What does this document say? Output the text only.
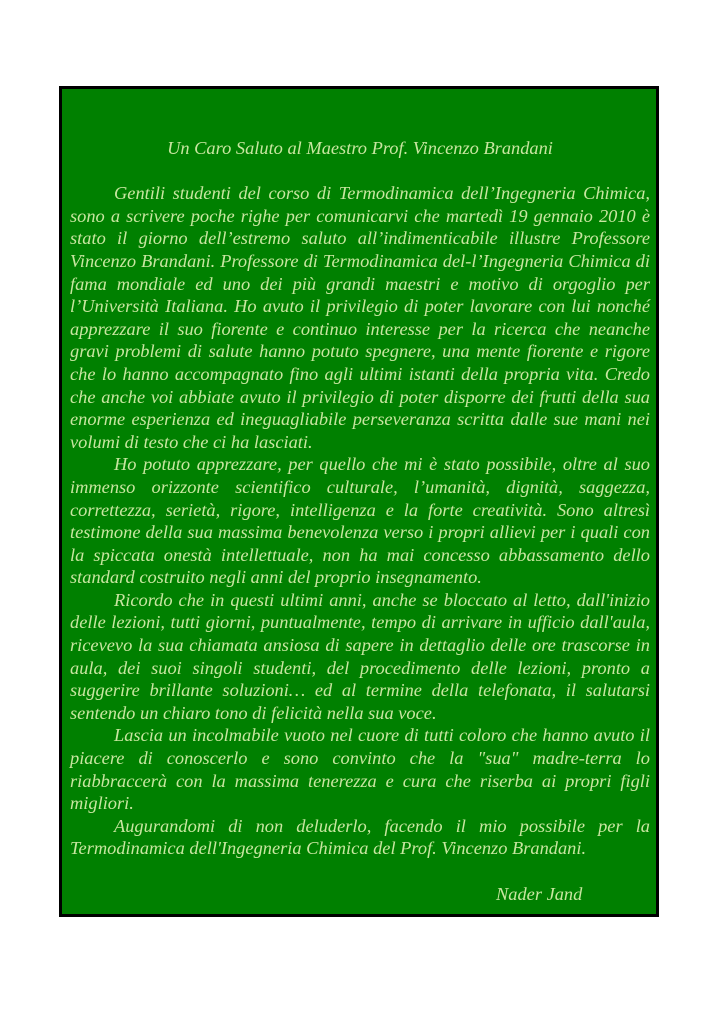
Un Caro Saluto al Maestro Prof. Vincenzo Brandani

Gentili studenti del corso di Termodinamica dell’Ingegneria Chimica, sono a scrivere poche righe per comunicarvi che martedì 19 gennaio 2010 è stato il giorno dell’estremo saluto all’indimenticabile illustre Professore Vincenzo Brandani. Professore di Termodinamica del-l’Ingegneria Chimica di fama mondiale ed uno dei più grandi maestri e motivo di orgoglio per l’Università Italiana. Ho avuto il privilegio di poter lavorare con lui nonché apprezzare il suo fiorente e continuo interesse per la ricerca che neanche gravi problemi di salute hanno potuto spegnere, una mente fiorente e rigore che lo hanno accompagnato fino agli ultimi istanti della propria vita. Credo che anche voi abbiate avuto il privilegio di poter disporre dei frutti della sua enorme esperienza ed ineguagliabile perseveranza scritta dalle sue mani nei volumi di testo che ci ha lasciati.

Ho potuto apprezzare, per quello che mi è stato possibile, oltre al suo immenso orizzonte scientifico culturale, l’umanità, dignità, saggezza, correttezza, serietà, rigore, intelligenza e la forte creatività. Sono altresì testimone della sua massima benevolenza verso i propri allievi per i quali con la spiccata onestà intellettuale, non ha mai concesso abbassamento dello standard costruito negli anni del proprio insegnamento.

Ricordo che in questi ultimi anni, anche se bloccato al letto, dall'inizio delle lezioni, tutti giorni, puntualmente, tempo di arrivare in ufficio dall'aula, ricevevo la sua chiamata ansiosa di sapere in dettaglio delle ore trascorse in aula, dei suoi singoli studenti, del procedimento delle lezioni, pronto a suggerire brillante soluzioni… ed al termine della telefonata, il salutarsi sentendo un chiaro tono di felicità nella sua voce.

Lascia un incolmabile vuoto nel cuore di tutti coloro che hanno avuto il piacere di conoscerlo e sono convinto che la "sua" madre-terra lo riabbraccerà con la massima tenerezza e cura che riserba ai propri figli migliori.

Augurandomi di non deluderlo, facendo il mio possibile per la Termodinamica dell'Ingegneria Chimica del Prof. Vincenzo Brandani.

Nader Jand
